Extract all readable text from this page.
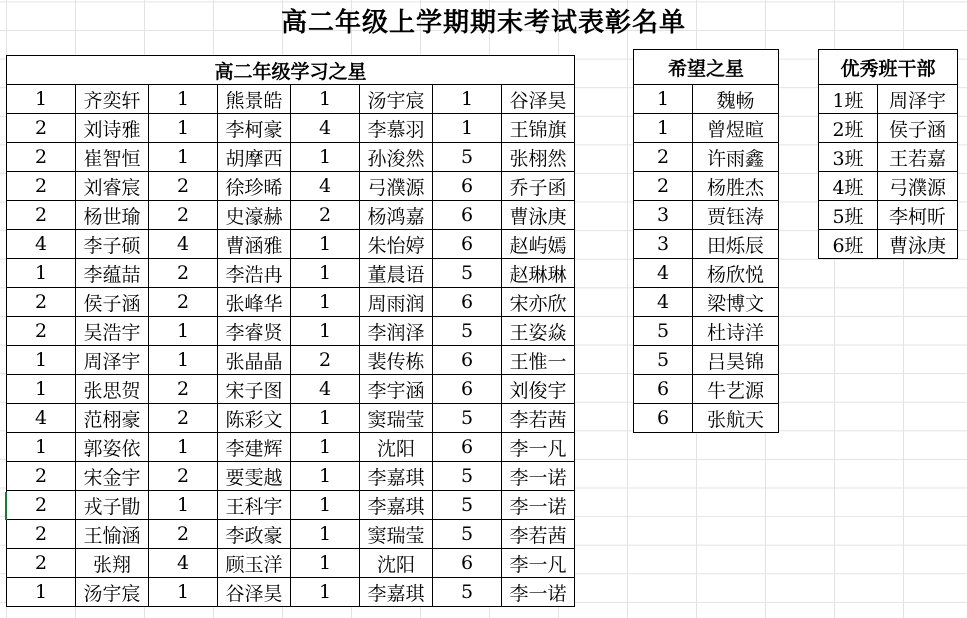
高二年级上学期期末考试表彰名单
高二年级学习之星							
1	齐奕轩	1	熊景皓	1	汤宇宸	1	谷泽昊
2	刘诗雅	1	李柯豪	4	李慕羽	1	王锦旗
2	崔智恒	1	胡摩西	1	孙浚然	5	张栩然
2	刘睿宸	2	徐珍晞	4	弓濮源	6	乔子函
2	杨世瑜	2	史濠赫	2	杨鸿嘉	6	曹泳庚
4	李子硕	4	曹涵雅	1	朱怡婷	6	赵屿嫣
1	李蕴喆	2	李浩冉	1	董晨语	5	赵琳琳
2	侯子涵	2	张峰华	1	周雨润	6	宋亦欣
2	吴浩宇	1	李睿贤	1	李润泽	5	王姿焱
1	周泽宇	1	张晶晶	2	裴传栋	6	王惟一
1	张思贺	2	宋子图	4	李宇涵	6	刘俊宇
4	范栩豪	2	陈彩文	1	窦瑞莹	5	李若茜
1	郭姿依	1	李建辉	1	沈阳	6	李一凡
2	宋金宇	2	要雯越	1	李嘉琪	5	李一诺
2	戎子勖	1	王科宇	1	李嘉琪	5	李一诺
2	王愉涵	2	李政豪	1	窦瑞莹	5	李若茜
2	张翔	4	顾玉洋	1	沈阳	6	李一凡
1	汤宇宸	1	谷泽昊	1	李嘉琪	5	李一诺
希望之星	
1	魏畅
1	曾煜暄
2	许雨鑫
2	杨胜杰
3	贾钰涛
3	田烁辰
4	杨欣悦
4	梁博文
5	杜诗洋
5	吕昊锦
6	牛艺源
6	张航天
优秀班干部	
1班	周泽宇
2班	侯子涵
3班	王若嘉
4班	弓濮源
5班	李柯昕
6班	曹泳庚
